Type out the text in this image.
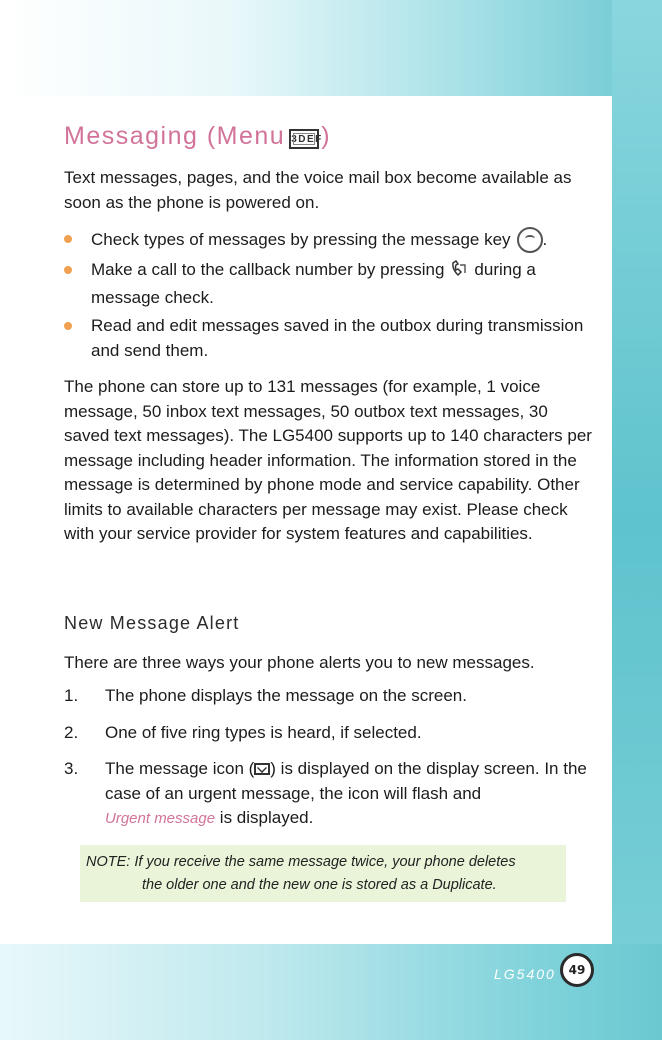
Messaging (Menu 3DEF)

Text messages, pages, and the voice mail box become available as soon as the phone is powered on.

Check types of messages by pressing the message key .
Make a call to the callback number by pressing during a message check.
Read and edit messages saved in the outbox during transmission and send them.

The phone can store up to 131 messages (for example, 1 voice message, 50 inbox text messages, 50 outbox text messages, 30 saved text messages). The LG5400 supports up to 140 characters per message including header information. The information stored in the message is determined by phone mode and service capability. Other limits to available characters per message may exist. Please check with your service provider for system features and capabilities.

New Message Alert

There are three ways your phone alerts you to new messages.

1. The phone displays the message on the screen.
2. One of five ring types is heard, if selected.
3. The message icon ( ) is displayed on the display screen. In the case of an urgent message, the icon will flash and
Urgent message is displayed.
NOTE: If you receive the same message twice, your phone deletes
the older one and the new one is stored as a Duplicate.
LG5400	49
